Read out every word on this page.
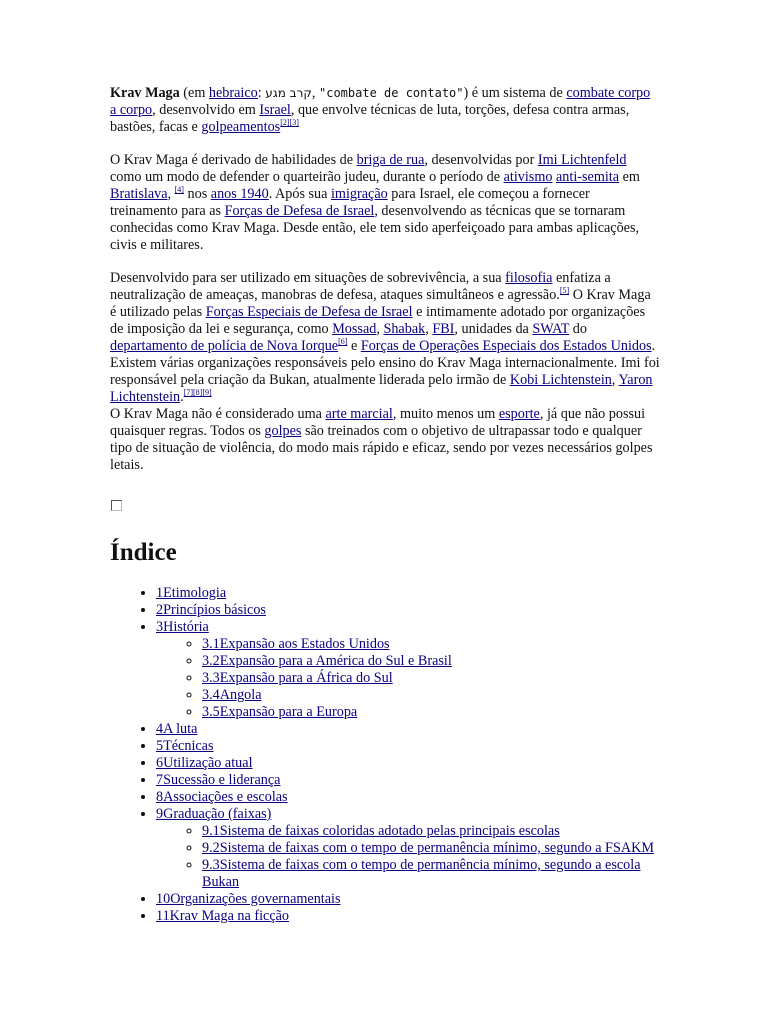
Krav Maga (em hebraico: קרב מגע, "combate de contato") é um sistema de combate corpo a corpo, desenvolvido em Israel, que envolve técnicas de luta, torções, defesa contra armas, bastões, facas e golpeamentos[2][3]

O Krav Maga é derivado de habilidades de briga de rua, desenvolvidas por Imi Lichtenfeld como um modo de defender o quarteirão judeu, durante o período de ativismo anti-semita em Bratislava, [4] nos anos 1940. Após sua imigração para Israel, ele começou a fornecer treinamento para as Forças de Defesa de Israel, desenvolvendo as técnicas que se tornaram conhecidas como Krav Maga. Desde então, ele tem sido aperfeiçoado para ambas aplicações, civis e militares.

Desenvolvido para ser utilizado em situações de sobrevivência, a sua filosofia enfatiza a neutralização de ameaças, manobras de defesa, ataques simultâneos e agressão.[5] O Krav Maga é utilizado pelas Forças Especiais de Defesa de Israel e intimamente adotado por organizações de imposição da lei e segurança, como Mossad, Shabak, FBI, unidades da SWAT do departamento de polícia de Nova Iorque[6] e Forças de Operações Especiais dos Estados Unidos. Existem várias organizações responsáveis pelo ensino do Krav Maga internacionalmente. Imi foi responsável pela criação da Bukan, atualmente liderada pelo irmão de Kobi Lichtenstein, Yaron Lichtenstein.[7][8][9]
O Krav Maga não é considerado uma arte marcial, muito menos um esporte, já que não possui quaisquer regras. Todos os golpes são treinados com o objetivo de ultrapassar todo e qualquer tipo de situação de violência, do modo mais rápido e eficaz, sendo por vezes necessários golpes letais.

Índice
• 1Etimologia
• 2Princípios básicos
• 3História
◦ 3.1Expansão aos Estados Unidos
◦ 3.2Expansão para a América do Sul e Brasil
◦ 3.3Expansão para a África do Sul
◦ 3.4Angola
◦ 3.5Expansão para a Europa
• 4A luta
• 5Técnicas
• 6Utilização atual
• 7Sucessão e liderança
• 8Associações e escolas
• 9Graduação (faixas)
◦ 9.1Sistema de faixas coloridas adotado pelas principais escolas
◦ 9.2Sistema de faixas com o tempo de permanência mínimo, segundo a FSAKM
◦ 9.3Sistema de faixas com o tempo de permanência mínimo, segundo a escola Bukan
• 10Organizações governamentais
• 11Krav Maga na ficção
